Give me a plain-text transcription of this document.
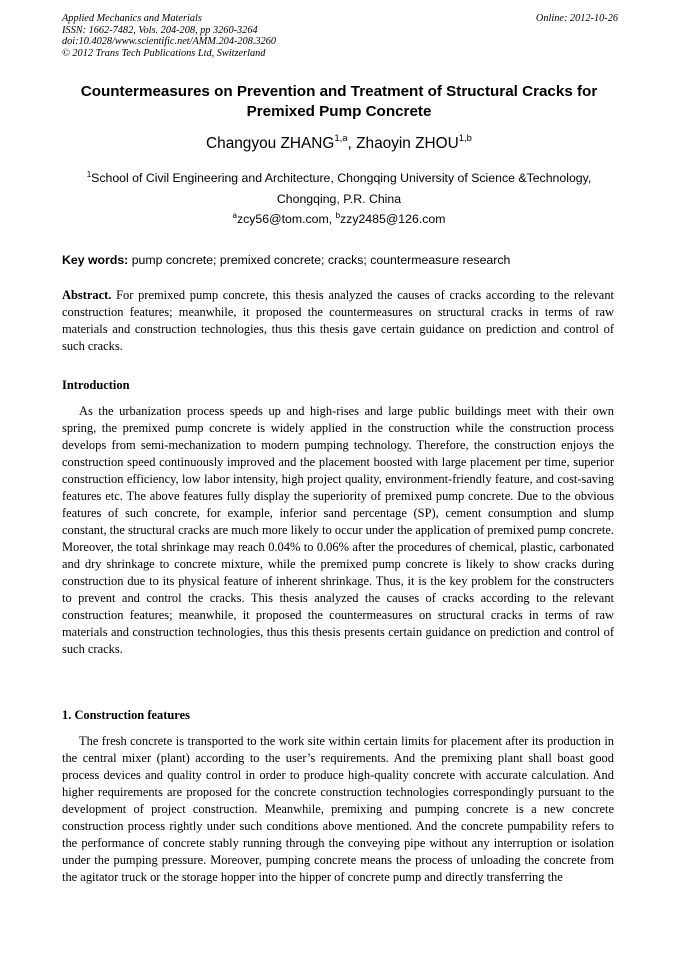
Applied Mechanics and Materials	Online: 2012-10-26
ISSN: 1662-7482, Vols. 204-208, pp 3260-3264
doi:10.4028/www.scientific.net/AMM.204-208.3260
© 2012 Trans Tech Publications Ltd, Switzerland
Countermeasures on Prevention and Treatment of Structural Cracks for Premixed Pump Concrete
Changyou ZHANG$^{1,a}$, Zhaoyin ZHOU$^{1,b}$
$^1$School of Civil Engineering and Architecture, Chongqing University of Science &Technology, Chongqing, P.R. China
$^a$zcy56@tom.com, $^b$zzy2485@126.com
Key words: pump concrete; premixed concrete; cracks; countermeasure research

Abstract. For premixed pump concrete, this thesis analyzed the causes of cracks according to the relevant construction features; meanwhile, it proposed the countermeasures on structural cracks in terms of raw materials and construction technologies, thus this thesis gave certain guidance on prediction and control of such cracks.

Introduction

As the urbanization process speeds up and high-rises and large public buildings meet with their own spring, the premixed pump concrete is widely applied in the construction while the construction process develops from semi-mechanization to modern pumping technology. Therefore, the construction enjoys the construction speed continuously improved and the placement boosted with large placement per time, superior construction efficiency, low labor intensity, high project quality, environment-friendly feature, and cost-saving features etc. The above features fully display the superiority of premixed pump concrete. Due to the obvious features of such concrete, for example, inferior sand percentage (SP), cement consumption and slump constant, the structural cracks are much more likely to occur under the application of premixed pump concrete. Moreover, the total shrinkage may reach 0.04% to 0.06% after the procedures of chemical, plastic, carbonated and dry shrinkage to concrete mixture, while the premixed pump concrete is likely to show cracks during construction due to its physical feature of inherent shrinkage. Thus, it is the key problem for the constructers to prevent and control the cracks. This thesis analyzed the causes of cracks according to the relevant construction features; meanwhile, it proposed the countermeasures on structural cracks in terms of raw materials and construction technologies, thus this thesis presents certain guidance on prediction and control of such cracks.

1. Construction features

The fresh concrete is transported to the work site within certain limits for placement after its production in the central mixer (plant) according to the user’s requirements. And the premixing plant shall boast good process devices and quality control in order to produce high-quality concrete with accurate calculation. And higher requirements are proposed for the concrete construction technologies correspondingly pursuant to the development of project construction. Meanwhile, premixing and pumping concrete is a new concrete construction process rightly under such conditions above mentioned. And the concrete pumpability refers to the performance of concrete stably running through the conveying pipe without any interruption or isolation under the pumping pressure. Moreover, pumping concrete means the process of unloading the concrete from the agitator truck or the storage hopper into the hipper of concrete pump and directly transferring the
